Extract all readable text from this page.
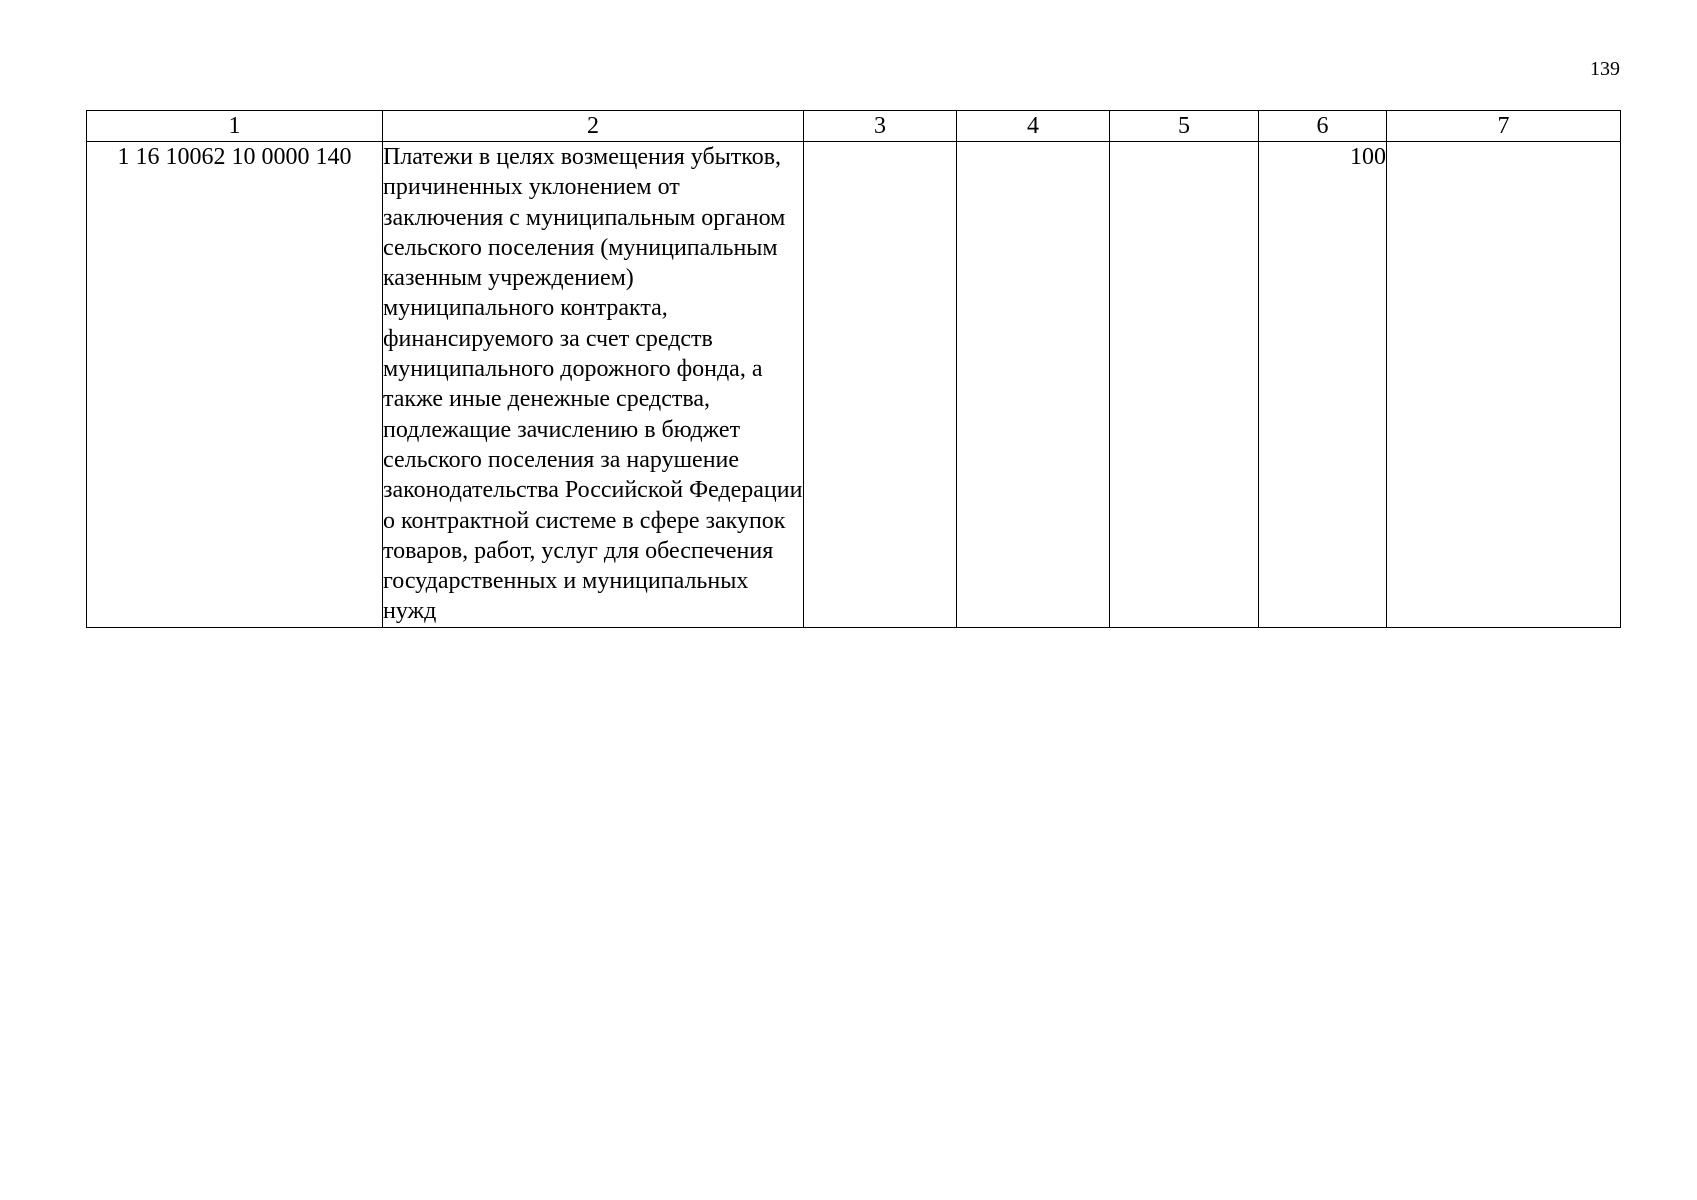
139
1	2	3	4	5	6	7
1 16 10062 10 0000 140	Платежи в целях возмещения убытков, причиненных уклонением от заключения с муниципальным органом сельского поселения (муниципальным казенным учреждением) муниципального контракта, финансируемого за счет средств муниципального дорожного фонда, а также иные денежные средства, подлежащие зачислению в бюджет сельского поселения за нарушение законодательства Российской Федерации о контрактной системе в сфере закупок товаров, работ, услуг для обеспечения государственных и муниципальных нужд				100	
